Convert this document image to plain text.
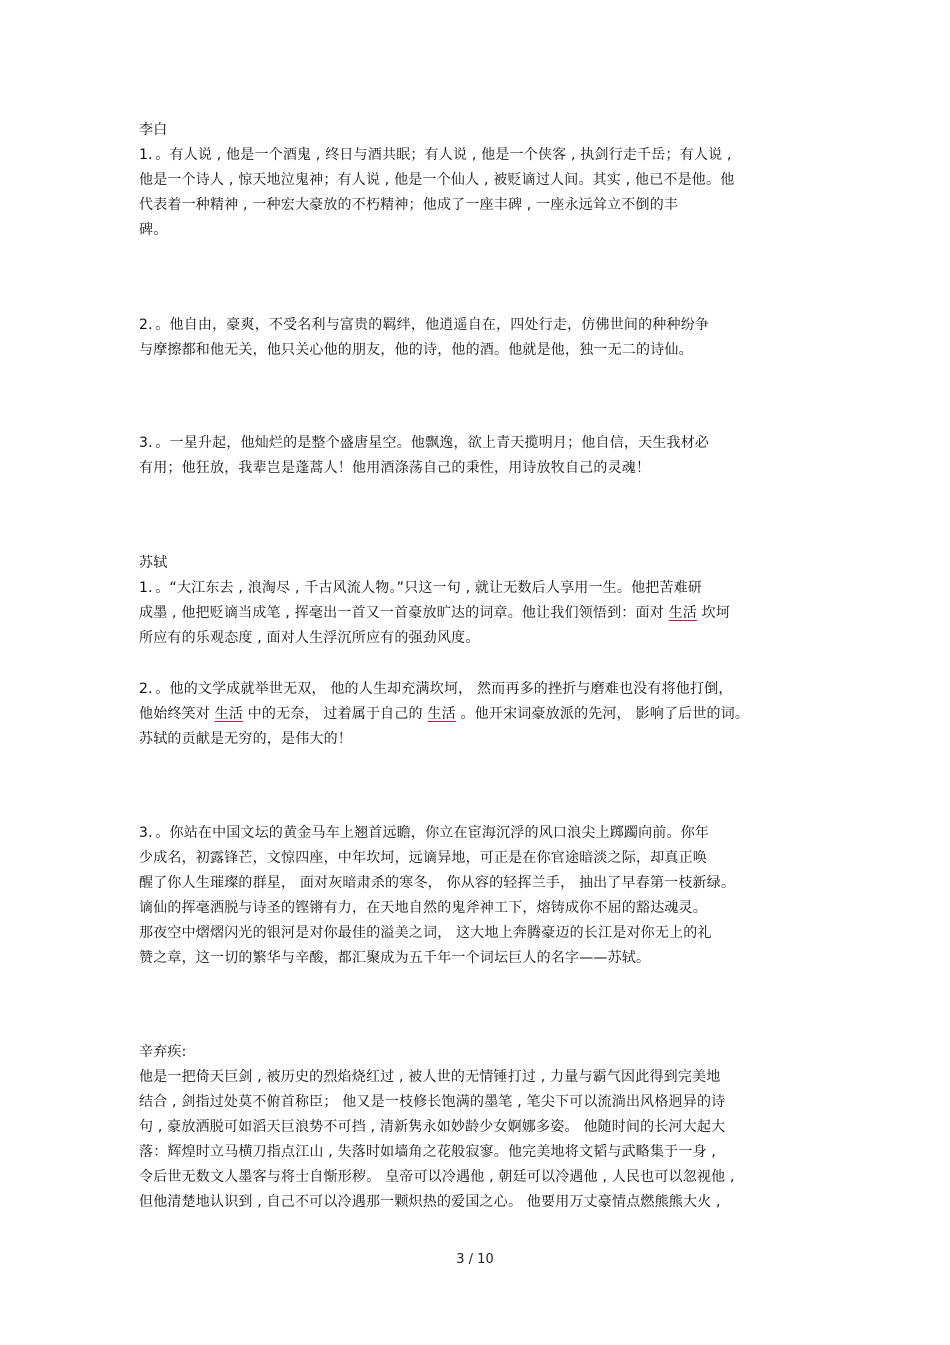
李白
1．。有人说 , 他是一个酒鬼 , 终日与酒共眠；有人说 , 他是一个侠客 , 执剑行走千岳；有人说 ,
他是一个诗人 , 惊天地泣鬼神；有人说 , 他是一个仙人 , 被贬谪过人间。其实 , 他已不是他。他
代表着一种精神 , 一种宏大豪放的不朽精神；他成了一座丰碑 , 一座永远耸立不倒的丰
碑。
2．。他自由，豪爽，不受名利与富贵的羁绊，他逍遥自在，四处行走，仿佛世间的种种纷争
与摩擦都和他无关，他只关心他的朋友，他的诗，他的酒。他就是他，独一无二的诗仙。
3．。一星升起，他灿烂的是整个盛唐星空。他飘逸，欲上青天揽明月；他自信，天生我材必
有用；他狂放，我辈岂是蓬蒿人！他用酒涤荡自己的秉性，用诗放牧自己的灵魂！
苏轼
1．。“大江东去 , 浪淘尽 , 千古风流人物。”只这一句 , 就让无数后人享用一生。他把苦难研
成墨 , 他把贬谪当成笔 , 挥毫出一首又一首豪放旷达的词章。他让我们领悟到：面对 生活 坎坷
所应有的乐观态度 , 面对人生浮沉所应有的强劲风度。
2．。他的文学成就举世无双， 他的人生却充满坎坷， 然而再多的挫折与磨难也没有将他打倒，
他始终笑对 生活 中的无奈， 过着属于自己的 生活 。他开宋词豪放派的先河， 影响了后世的词。
苏轼的贡献是无穷的，是伟大的！
3．。你站在中国文坛的黄金马车上翘首远瞻，你立在宦海沉浮的风口浪尖上踯躅向前。你年
少成名，初露锋芒，文惊四座，中年坎坷，远谪异地，可正是在你官途暗淡之际，却真正唤
醒了你人生璀璨的群星， 面对灰暗肃杀的寒冬， 你从容的轻挥兰手， 抽出了早春第一枝新绿。
谪仙的挥毫洒脱与诗圣的铿锵有力，在天地自然的鬼斧神工下，熔铸成你不屈的豁达魂灵。
那夜空中熠熠闪光的银河是对你最佳的溢美之词， 这大地上奔腾豪迈的长江是对你无上的礼
赞之章，这一切的繁华与辛酸，都汇聚成为五千年一个词坛巨人的名字——苏轼。
辛弃疾:
他是一把倚天巨剑 , 被历史的烈焰烧红过 , 被人世的无情锤打过 , 力量与霸气因此得到完美地
结合 , 剑指过处莫不俯首称臣； 他又是一枝修长饱满的墨笔 , 笔尖下可以流淌出风格迥异的诗
句 , 豪放洒脱可如滔天巨浪势不可挡 , 清新隽永如妙龄少女婀娜多姿。 他随时间的长河大起大
落：辉煌时立马横刀指点江山 , 失落时如墙角之花般寂寥。他完美地将文韬与武略集于一身 ,
令后世无数文人墨客与将士自惭形秽。 皇帝可以冷遇他 , 朝廷可以冷遇他 , 人民也可以忽视他 ,
但他清楚地认识到 , 自己不可以冷遇那一颗炽热的爱国之心。 他要用万丈豪情点燃熊熊大火 ,
3 / 10
